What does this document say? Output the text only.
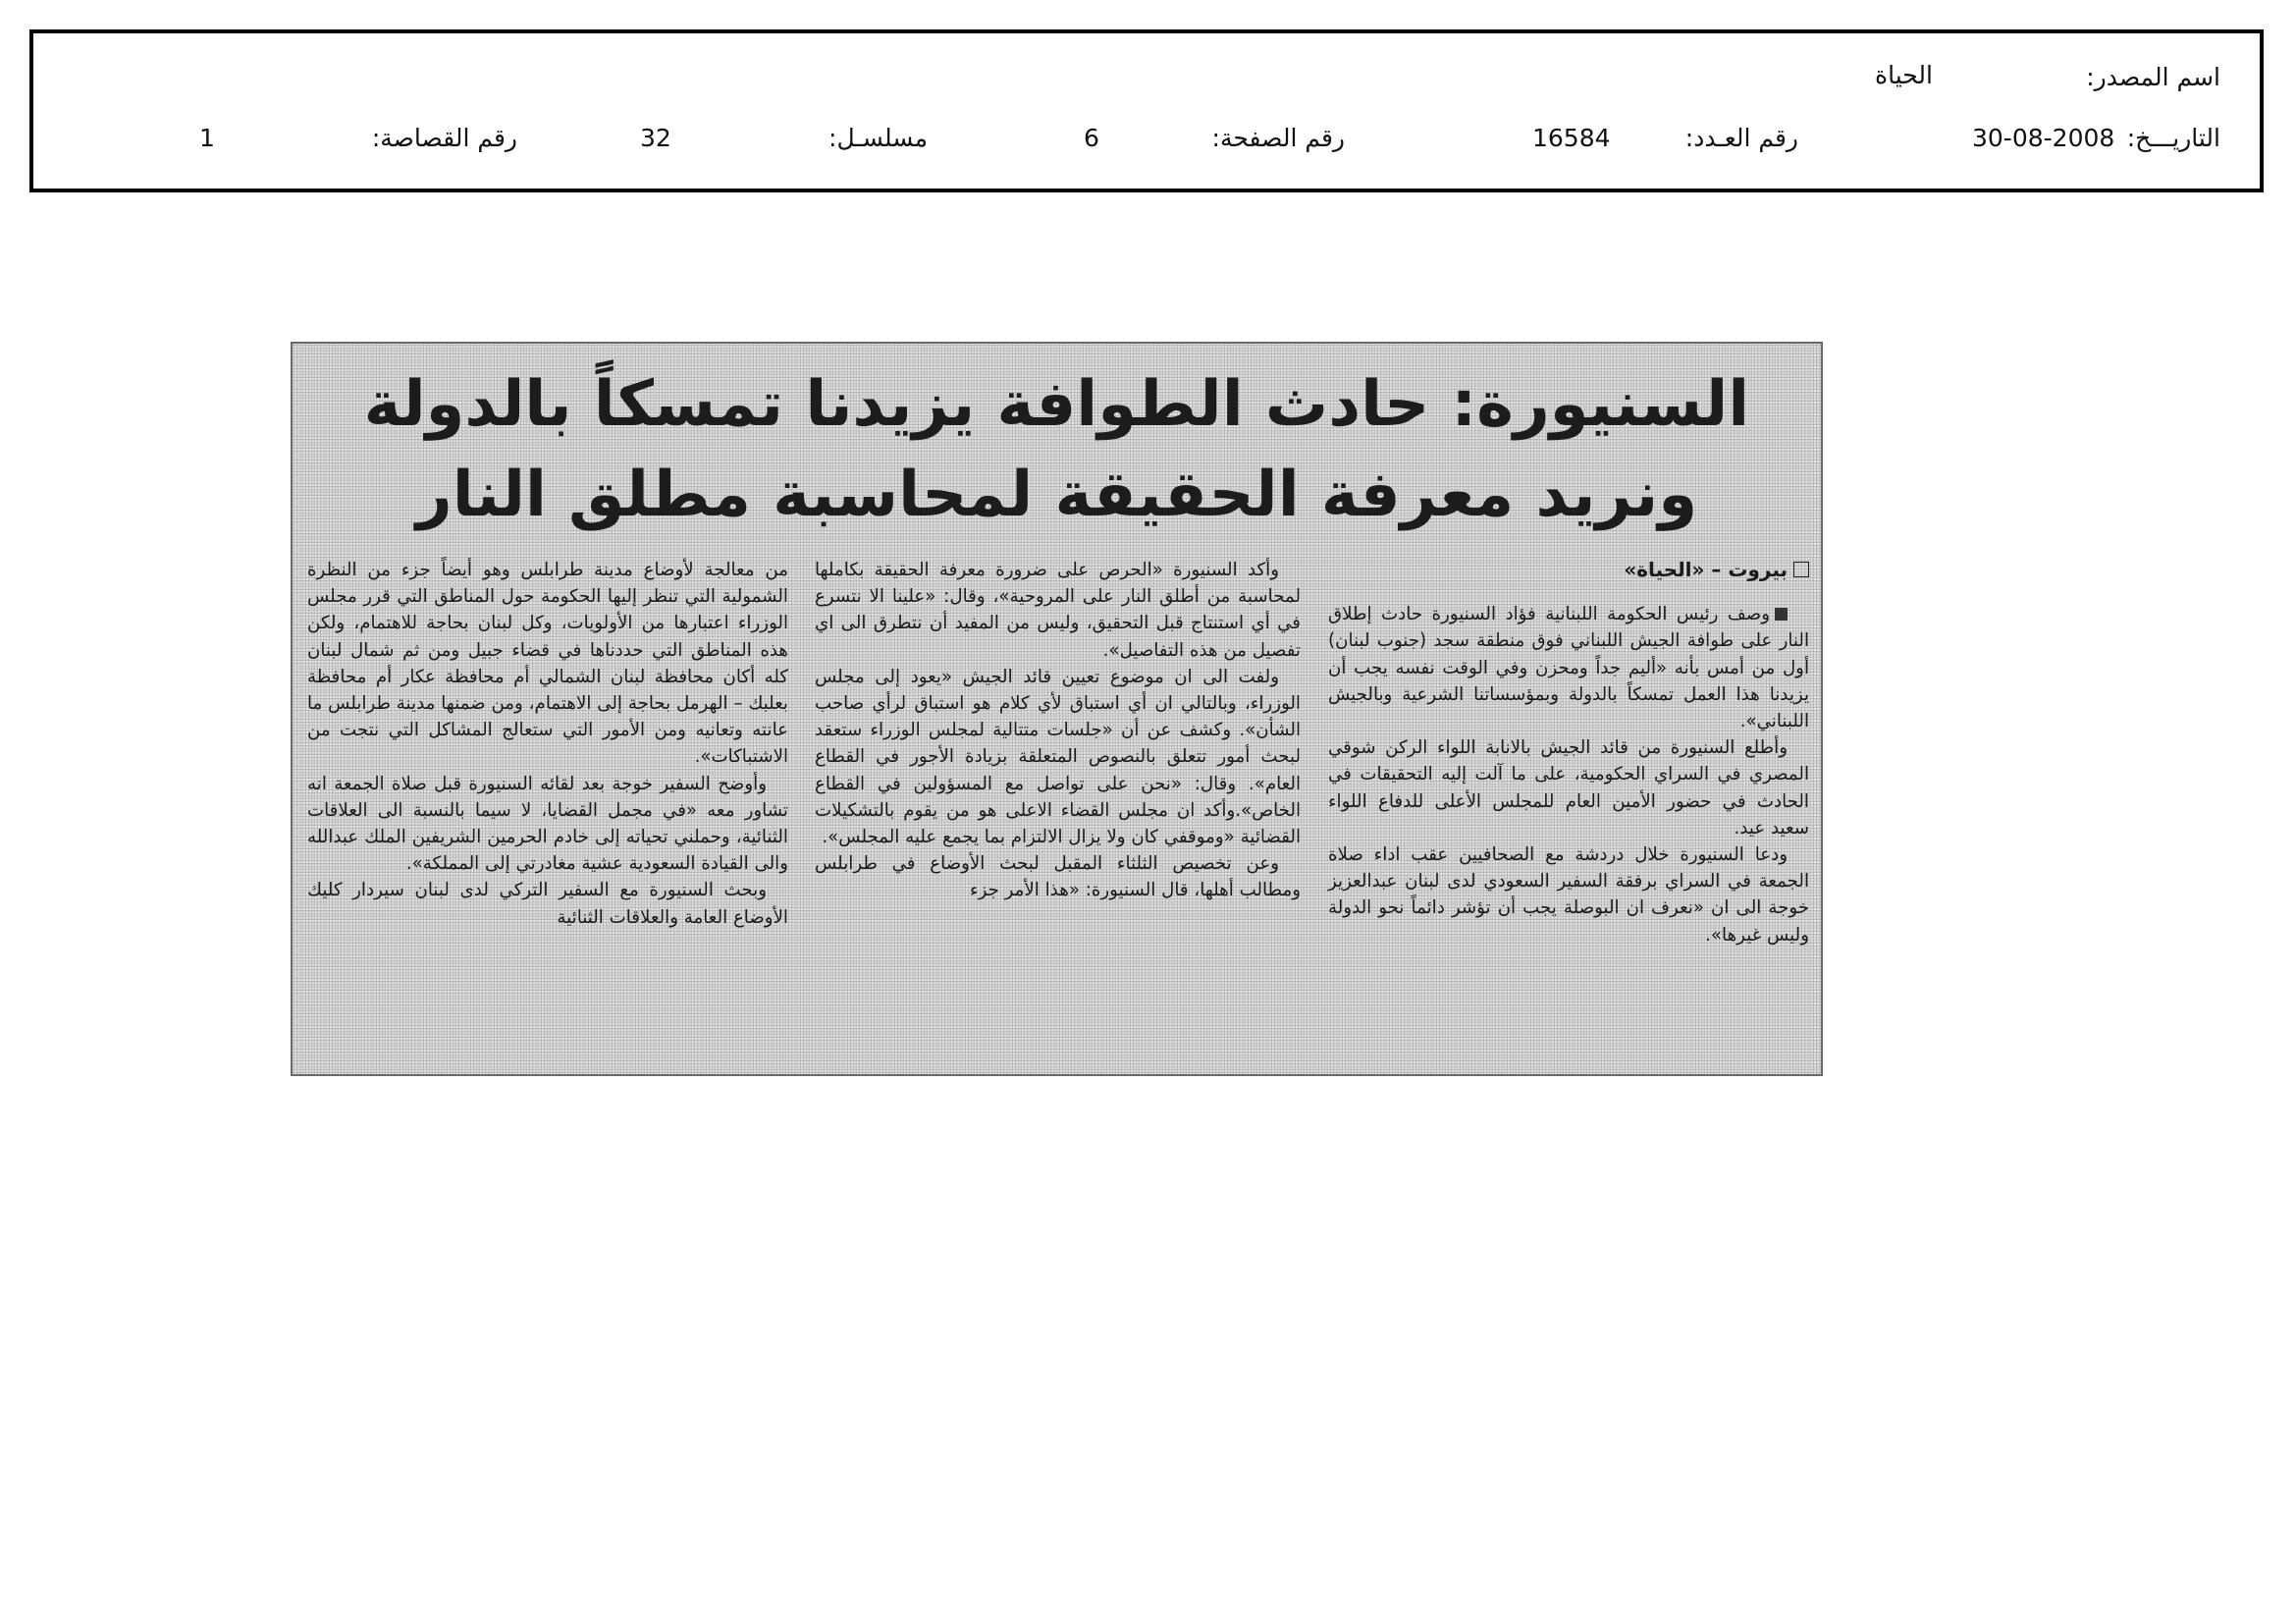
اسم المصدر:
الحياة
التاريـــخ:
30-08-2008
رقم العـدد:
16584
رقم الصفحة:
6
مسلسـل:
32
رقم القصاصة:
1
السنيورة: حادث الطوافة يزيدنا تمسكاً بالدولة
ونريد معرفة الحقيقة لمحاسبة مطلق النار

بيروت – «الحياة»

وصف رئيس الحكومة اللبنانية فؤاد السنيورة حادث إطلاق النار على طوافة الجيش اللبناني فوق منطقة سجد (جنوب لبنان) أول من أمس بأنه «أليم جداً ومحزن وفي الوقت نفسه يجب أن يزيدنا هذا العمل تمسكاً بالدولة وبمؤسساتنا الشرعية وبالجيش اللبناني».

وأطلع السنيورة من قائد الجيش بالانابة اللواء الركن شوقي المصري في السراي الحكومية، على ما آلت إليه التحقيقات في الحادث في حضور الأمين العام للمجلس الأعلى للدفاع اللواء سعيد عيد.

ودعا السنيورة خلال دردشة مع الصحافيين عقب اداء صلاة الجمعة في السراي برفقة السفير السعودي لدى لبنان عبدالعزيز خوجة الى ان «نعرف ان البوصلة يجب أن تؤشر دائماً نحو الدولة وليس غيرها».

وأكد السنيورة «الحرص على ضرورة معرفة الحقيقة بكاملها لمحاسبة من أطلق النار على المروحية»، وقال: «علينا الا نتسرع في أي استنتاج قبل التحقيق، وليس من المفيد أن نتطرق الى اي تفصيل من هذه التفاصيل».

ولفت الى ان موضوع تعيين قائد الجيش «يعود إلى مجلس الوزراء، وبالتالي ان أي استباق لأي كلام هو استباق لرأي صاحب الشأن». وكشف عن أن «جلسات متتالية لمجلس الوزراء ستعقد لبحث أمور تتعلق بالنصوص المتعلقة بزيادة الأجور في القطاع العام». وقال: «نحن على تواصل مع المسؤولين في القطاع الخاص».وأكد ان مجلس القضاء الاعلى هو من يقوم بالتشكيلات القضائية «وموقفي كان ولا يزال الالتزام بما يجمع عليه المجلس».

وعن تخصيص الثلثاء المقبل لبحث الأوضاع في طرابلس ومطالب أهلها، قال السنيورة: «هذا الأمر جزء

من معالجة لأوضاع مدينة طرابلس وهو أيضاً جزء من النظرة الشمولية التي تنظر إليها الحكومة حول المناطق التي قرر مجلس الوزراء اعتبارها من الأولويات، وكل لبنان بحاجة للاهتمام، ولكن هذه المناطق التي حددناها في قضاء جبيل ومن ثم شمال لبنان كله أكان محافظة لبنان الشمالي أم محافظة عكار أم محافظة بعلبك – الهرمل بحاجة إلى الاهتمام، ومن ضمنها مدينة طرابلس ما عانته وتعانيه ومن الأمور التي ستعالج المشاكل التي نتجت من الاشتباكات».

وأوضح السفير خوجة بعد لقائه السنيورة قبل صلاة الجمعة انه تشاور معه «في مجمل القضايا، لا سيما بالنسبة الى العلاقات الثنائية، وحملني تحياته إلى خادم الحرمين الشريفين الملك عبدالله والى القيادة السعودية عشية مغادرتي إلى المملكة».

وبحث السنيورة مع السفير التركي لدى لبنان سيردار كليك الأوضاع العامة والعلاقات الثنائية
